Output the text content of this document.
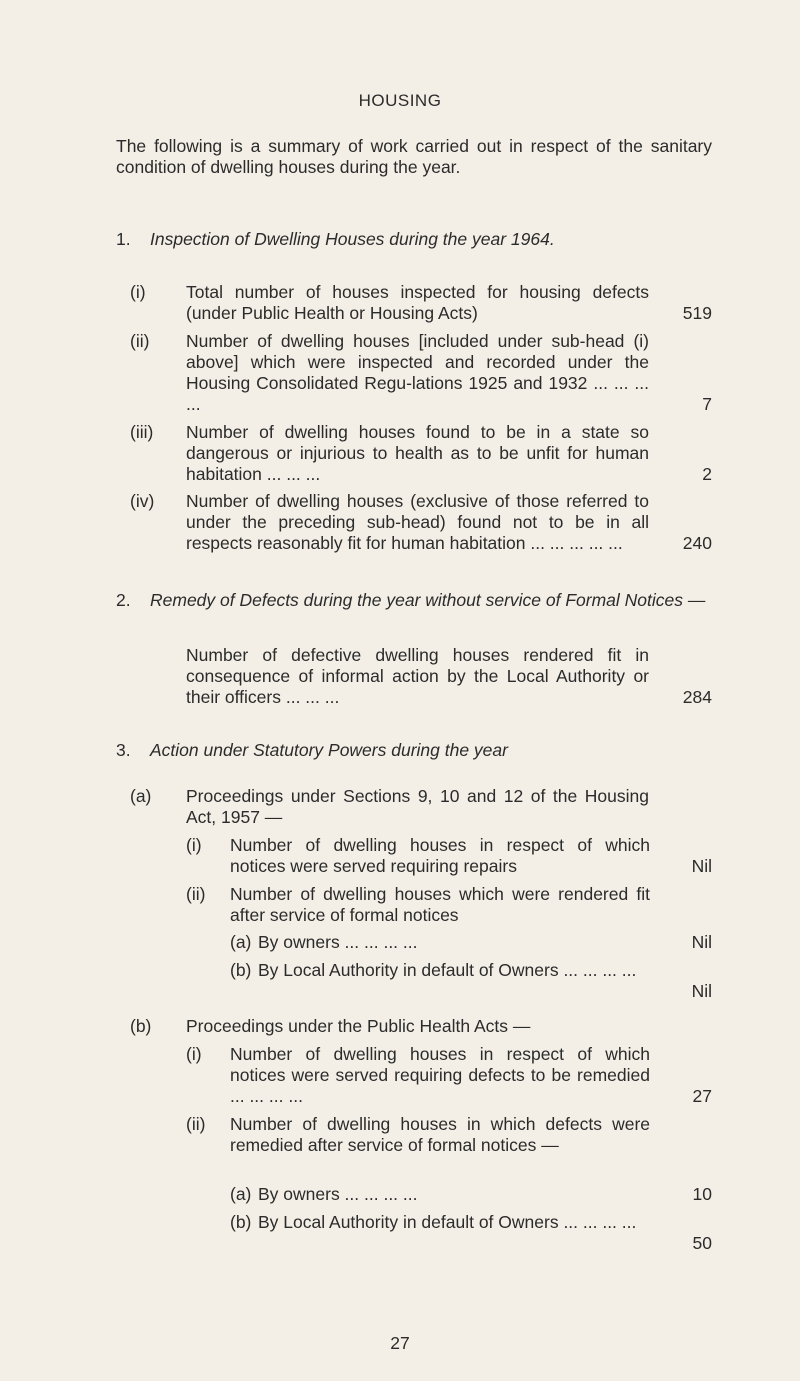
HOUSING
The following is a summary of work carried out in respect of the sanitary condition of dwelling houses during the year.
1. Inspection of Dwelling Houses during the year 1964.
(i) Total number of houses inspected for housing defects (under Public Health or Housing Acts)	519
(ii) Number of dwelling houses [included under sub-head (i) above] which were inspected and recorded under the Housing Consolidated Regu-lations 1925 and 1932 ... ... ... ...	7
(iii) Number of dwelling houses found to be in a state so dangerous or injurious to health as to be unfit for human habitation ... ... ...	2
(iv) Number of dwelling houses (exclusive of those referred to under the preceding sub-head) found not to be in all respects reasonably fit for human habitation ... ... ... ... ...	240
2. Remedy of Defects during the year without service of Formal Notices —
Number of defective dwelling houses rendered fit in consequence of informal action by the Local Authority or their officers ... ... ...	284
3. Action under Statutory Powers during the year
(a) Proceedings under Sections 9, 10 and 12 of the Housing Act, 1957 —
(i) Number of dwelling houses in respect of which notices were served requiring repairs	Nil
(ii) Number of dwelling houses which were rendered fit after service of formal notices
(a) By owners ... ... ... ...	Nil
(b) By Local Authority in default of Owners ... ... ... ...
Nil
(b) Proceedings under the Public Health Acts —
(i) Number of dwelling houses in respect of which notices were served requiring defects to be remedied ... ... ... ...	27
(ii) Number of dwelling houses in which defects were remedied after service of formal notices —
(a) By owners ... ... ... ...	10
(b) By Local Authority in default of Owners ... ... ... ...
50
27
